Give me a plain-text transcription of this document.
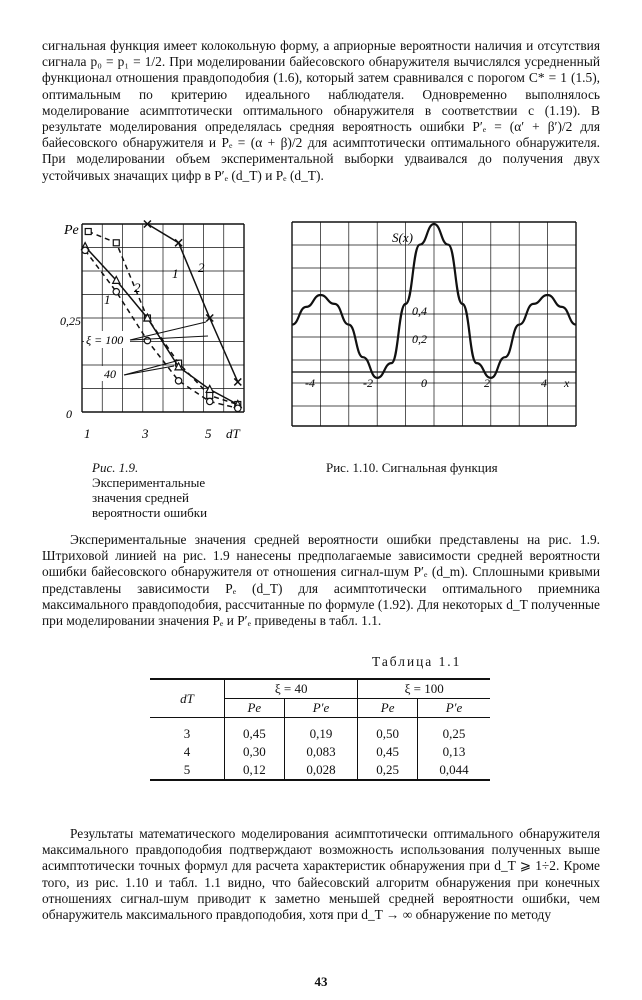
сигнальная функция имеет колокольную форму, а априорные вероятности наличия и отсутствия сигнала p₀ = p₁ = 1/2. При моделировании байесовского обнаружителя вычислялся усредненный функционал отношения правдоподобия (1.6), который затем сравнивался с порогом C* = 1 (1.5), оптимальным по критерию идеального наблюдателя. Одновременно выполнялось моделирование асимптотически оптимального обнаружителя в соответствии с (1.19). В результате моделирования определялась средняя вероятность ошибки P′ₑ = (α′ + β′)/2 для байесовского обнаружителя и Pₑ = (α + β)/2 для асимптотически оптимального обнаружителя. При моделировании объем экспериментальной выборки удваивался до получения двух устойчивых значащих цифр в P′ₑ (d_T) и Pₑ (d_T).

Pe
0,25
0
1	3	5 dT
1
2
1 2
ξ = 100
40
S(x)
0,4
0,2
-4	-2	0	2	4 x
Рис. 1.9. Экспериментальные значения средней вероятности ошибки
Рис. 1.10. Сигнальная функция

Экспериментальные значения средней вероятности ошибки представлены на рис. 1.9. Штриховой линией на рис. 1.9 нанесены предполагаемые зависимости средней вероятности ошибки байесовского обнаружителя от отношения сигнал-шум P′ₑ (d_m). Сплошными кривыми представлены зависимости Pₑ (d_T) для асимптотически оптимального приемника максимального правдоподобия, рассчитанные по формуле (1.92). Для некоторых d_T полученные при моделировании значения Pₑ и P′ₑ приведены в табл. 1.1.

Таблица 1.1
dT	ξ = 40		ξ = 100	
	Pe	P′e	Pe	P′e
3	0,45	0,19	0,50	0,25
4	0,30	0,083	0,45	0,13
5	0,12	0,028	0,25	0,044

Результаты математического моделирования асимптотически оптимального обнаружителя максимального правдоподобия подтверждают возможность использования полученных выше асимптотически точных формул для расчета характеристик обнаружения при d_T ⩾ 1÷2. Кроме того, из рис. 1.10 и табл. 1.1 видно, что байесовский алгоритм обнаружения при конечных отношениях сигнал-шум приводит к заметно меньшей средней вероятности ошибки, чем обнаружитель максимального правдоподобия, хотя при d_T → ∞ обнаружение по методу

43
